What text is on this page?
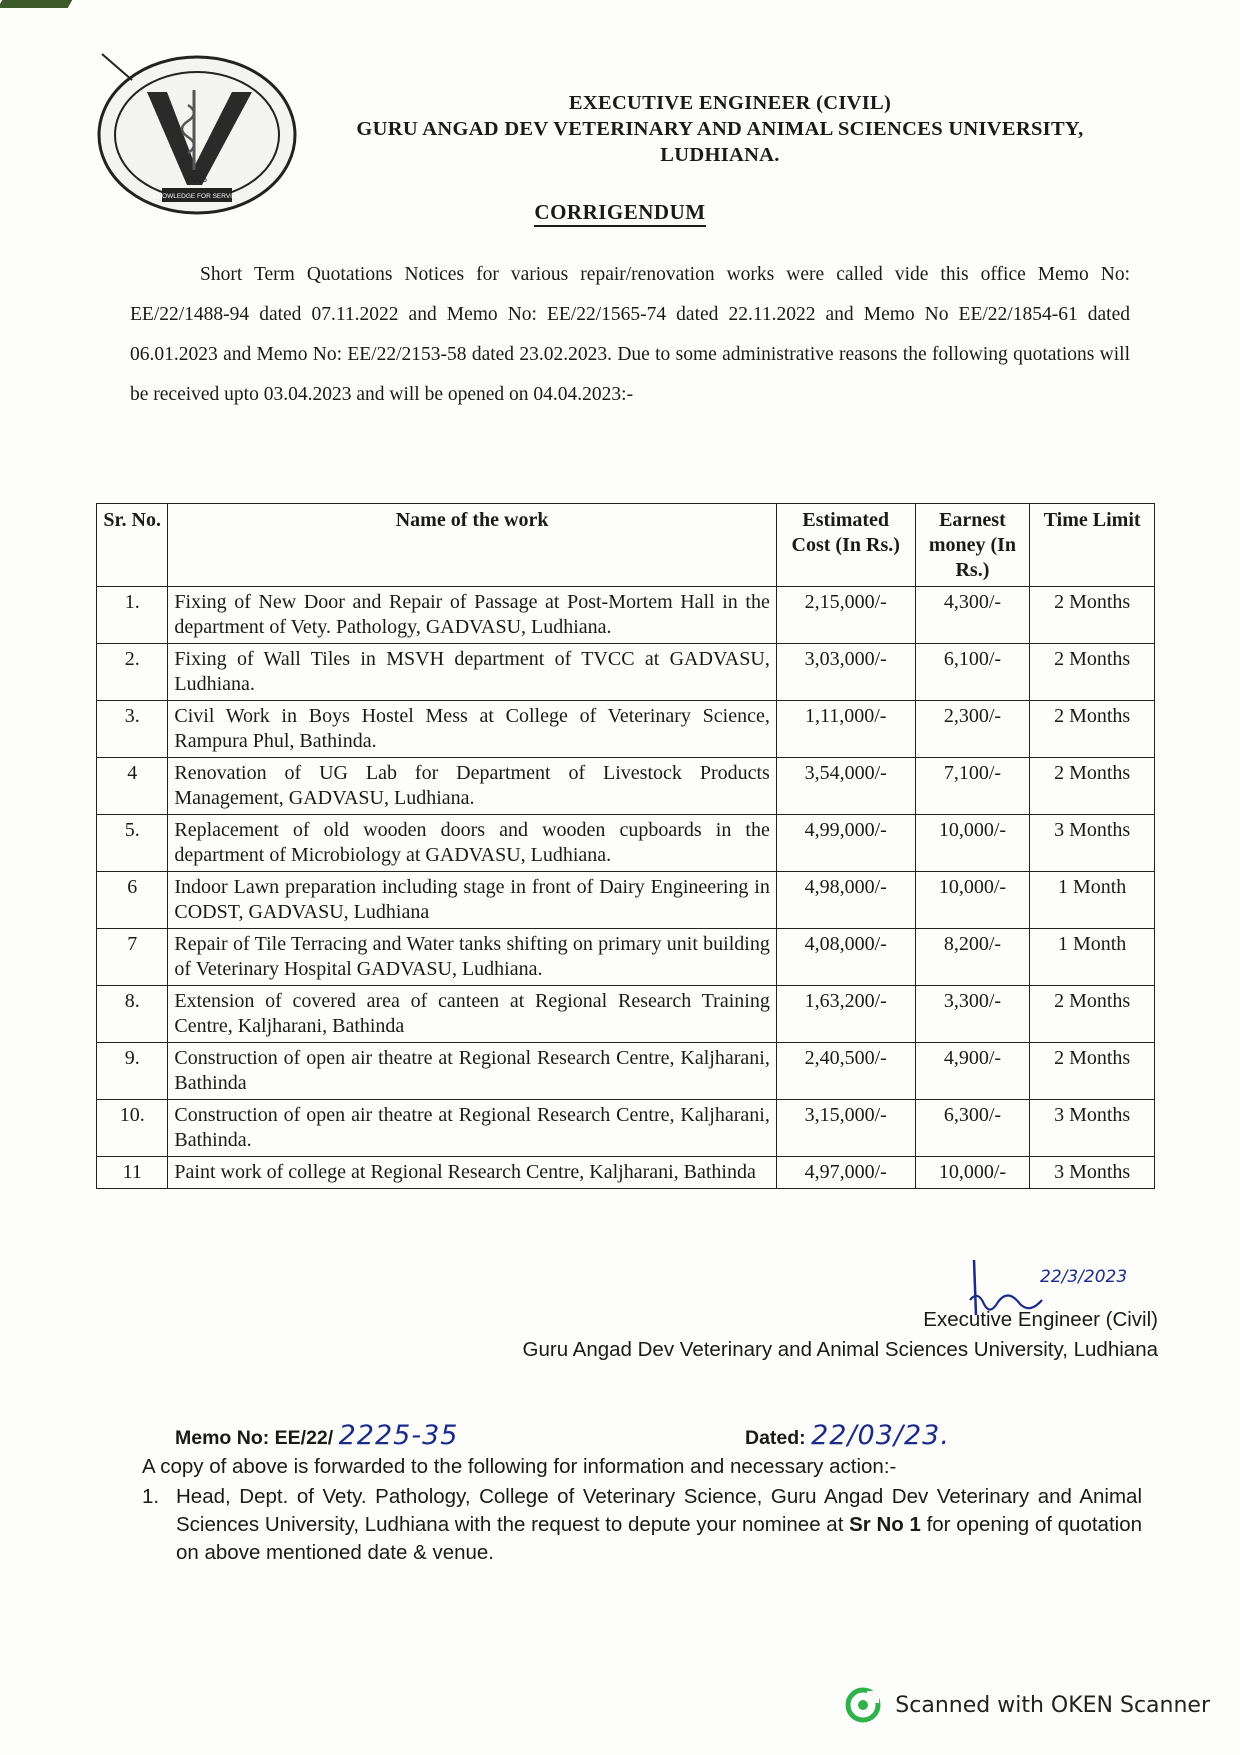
2005
KNOWLEDGE FOR SERVICE
EXECUTIVE ENGINEER (CIVIL)
GURU ANGAD DEV VETERINARY AND ANIMAL SCIENCES UNIVERSITY,
LUDHIANA.
CORRIGENDUM

Short Term Quotations Notices for various repair/renovation works were called vide this office Memo No: EE/22/1488-94 dated 07.11.2022 and Memo No: EE/22/1565-74 dated 22.11.2022 and Memo No EE/22/1854-61 dated 06.01.2023 and Memo No: EE/22/2153-58 dated 23.02.2023. Due to some administrative reasons the following quotations will be received upto 03.04.2023 and will be opened on 04.04.2023:-

Sr. No.	Name of the work	Estimated Cost (In Rs.)	Earnest money (In Rs.)	Time Limit
1.	Fixing of New Door and Repair of Passage at Post-Mortem Hall in the department of Vety. Pathology, GADVASU, Ludhiana.	2,15,000/-	4,300/-	2 Months
2.	Fixing of Wall Tiles in MSVH department of TVCC at GADVASU, Ludhiana.	3,03,000/-	6,100/-	2 Months
3.	Civil Work in Boys Hostel Mess at College of Veterinary Science, Rampura Phul, Bathinda.	1,11,000/-	2,300/-	2 Months
4	Renovation of UG Lab for Department of Livestock Products Management, GADVASU, Ludhiana.	3,54,000/-	7,100/-	2 Months
5.	Replacement of old wooden doors and wooden cupboards in the department of Microbiology at GADVASU, Ludhiana.	4,99,000/-	10,000/-	3 Months
6	Indoor Lawn preparation including stage in front of Dairy Engineering in CODST, GADVASU, Ludhiana	4,98,000/-	10,000/-	1 Month
7	Repair of Tile Terracing and Water tanks shifting on primary unit building of Veterinary Hospital GADVASU, Ludhiana.	4,08,000/-	8,200/-	1 Month
8.	Extension of covered area of canteen at Regional Research Training Centre, Kaljharani, Bathinda	1,63,200/-	3,300/-	2 Months
9.	Construction of open air theatre at Regional Research Centre, Kaljharani, Bathinda	2,40,500/-	4,900/-	2 Months
10.	Construction of open air theatre at Regional Research Centre, Kaljharani, Bathinda.	3,15,000/-	6,300/-	3 Months
11	Paint work of college at Regional Research Centre, Kaljharani, Bathinda	4,97,000/-	10,000/-	3 Months
22/3/2023
Executive Engineer (Civil)
Guru Angad Dev Veterinary and Animal Sciences University, Ludhiana
Memo No: EE/22/ 2225-35	Dated: 22/03/23.
A copy of above is forwarded to the following for information and necessary action:-
1. Head, Dept. of Vety. Pathology, College of Veterinary Science, Guru Angad Dev Veterinary and Animal Sciences University, Ludhiana with the request to depute your nominee at Sr No 1 for opening of quotation on above mentioned date & venue.
Scanned with OKEN Scanner
